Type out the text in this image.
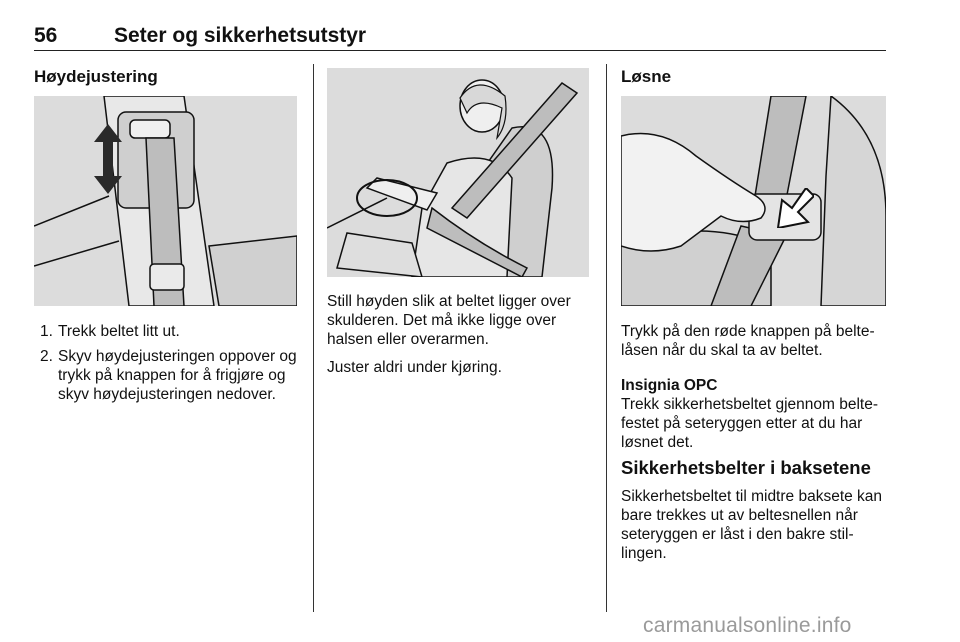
56	Seter og sikkerhetsutstyr
Høydejustering
1. Trekk beltet litt ut.
2. Skyv høydejusteringen oppover og trykk på knappen for å frigjøre og skyv høydejusteringen nedover.

Still høyden slik at beltet ligger over skulderen. Det må ikke ligge over halsen eller overarmen.

Juster aldri under kjøring.

Løsne

Trykk på den røde knappen på beltelåsen når du skal ta av beltet.

Insignia OPC

Trekk sikkerhetsbeltet gjennom beltefestet på seteryggen etter at du har løsnet det.

Sikkerhetsbelter i baksetene

Sikkerhetsbeltet til midtre baksete kan bare trekkes ut av beltesnellen når seteryggen er låst i den bakre stillingen.

carmanualsonline.info
